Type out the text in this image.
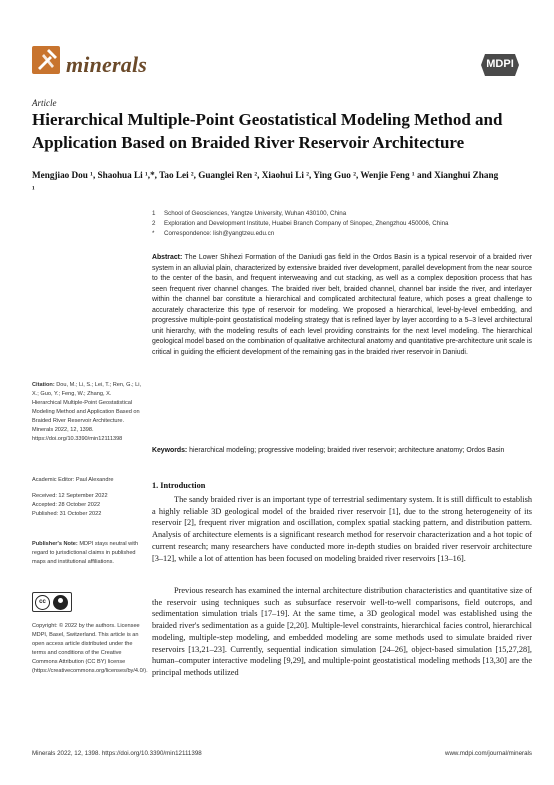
minerals	MDPI
Article
Hierarchical Multiple-Point Geostatistical Modeling Method and Application Based on Braided River Reservoir Architecture
Mengjiao Dou ¹, Shaohua Li ¹,*, Tao Lei ², Guanglei Ren ², Xiaohui Li ², Ying Guo ², Wenjie Feng ¹ and Xianghui Zhang ¹
1 School of Geosciences, Yangtze University, Wuhan 430100, China
2 Exploration and Development Institute, Huabei Branch Company of Sinopec, Zhengzhou 450006, China
* Correspondence: lish@yangtzeu.edu.cn
Abstract: The Lower Shihezi Formation of the Daniudi gas field in the Ordos Basin is a typical reservoir of a braided river system in an alluvial plain, characterized by extensive braided river development, parallel development from the near source to the center of the basin, and frequent interweaving and cut stacking, as well as a complex deposition process that has seen frequent river channel changes. The braided river belt, braided channel, channel bar inside the river, and interlayer within the channel bar constitute a hierarchical and complicated architectural feature, which poses a great challenge to accurately characterize this type of reservoir for modeling. We proposed a hierarchical, level-by-level embedding, and progressive multiple-point geostatistical modeling strategy that is refined layer by layer according to a 5–3 level architectural unit hierarchy, with the modeling results of each level providing constraints for the next level modeling. The hierarchical geological model based on the combination of qualitative architectural anatomy and quantitative pre-architecture unit scale is critical in guiding the efficient development of the remaining gas in the braided river reservoir in Daniudi.
Keywords: hierarchical modeling; progressive modeling; braided river reservoir; architecture anatomy; Ordos Basin
Citation: Dou, M.; Li, S.; Lei, T.; Ren, G.; Li, X.; Guo, Y.; Feng, W.; Zhang, X. Hierarchical Multiple-Point Geostatistical Modeling Method and Application Based on Braided River Reservoir Architecture. Minerals 2022, 12, 1398. https://doi.org/10.3390/min12111398
Academic Editor: Paul Alexandre
Received: 12 September 2022
Accepted: 28 October 2022
Published: 31 October 2022
Publisher's Note: MDPI stays neutral with regard to jurisdictional claims in published maps and institutional affiliations.
cc
Copyright: © 2022 by the authors. Licensee MDPI, Basel, Switzerland. This article is an open access article distributed under the terms and conditions of the Creative Commons Attribution (CC BY) license (https://creativecommons.org/licenses/by/4.0/).
1. Introduction

The sandy braided river is an important type of terrestrial sedimentary system. It is still difficult to establish a highly reliable 3D geological model of the braided river reservoir [1], due to the strong heterogeneity of its reservoir [2], frequent river migration and oscillation, complex spatial stacking pattern, and distribution pattern. Analysis of architecture elements is a significant research method for reservoir characterization and a hot topic of current research; many researchers have conducted more in-depth studies on braided river reservoir architecture [3–12], while a lot of attention has been focused on modeling braided river reservoirs [13–16].

Previous research has examined the internal architecture distribution characteristics and quantitative size of the reservoir using techniques such as subsurface reservoir well-to-well comparisons, field outcrops, and sedimentation simulation trials [17–19]. At the same time, a 3D geological model was established using the braided river's sedimentation as a guide [2,20]. Multiple-level constraints, hierarchical facies control, hierarchical modeling, multiple-step modeling, and embedded modeling are some methods used to simulate braided river reservoirs [13,21–23]. Currently, sequential indication simulation [24–26], object-based simulation [15,27,28], human–computer interactive modeling [9,29], and multiple-point geostatistical modeling methods [13,30] are the principal methods utilized

Minerals 2022, 12, 1398. https://doi.org/10.3390/min12111398	www.mdpi.com/journal/minerals
